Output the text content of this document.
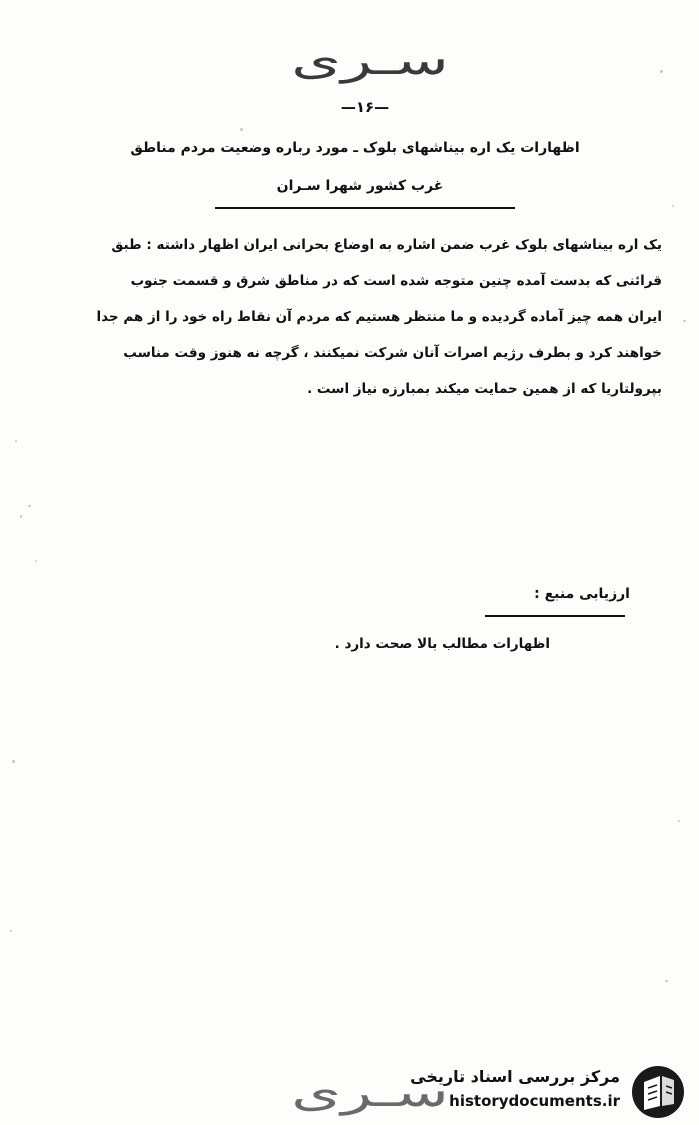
سـری
—۱۶—
اظهارات یک اره بیناشهای بلوک ـ مورد رباره وضعیت مردم مناطق
غرب کشور شهرا سـران

یک اره بیناشهای بلوک غرب ضمن اشاره به اوضاع بحرانی ایران اظهار داشته : طبق

قرائنی که بدست آمده چنین متوجه شده است که در مناطق شرق و قسمت جنوب

ایران همه چیز آماده گردیده و ما منتظر هستیم که مردم آن نقاط راه خود را از هم جدا

خواهند کرد و بطرف رژیم اصرات آنان شرکت نمیکنند ، گرچه نه هنوز وقت مناسب

بپرولتاریا که از همین حمایت میکند بمبارزه نیاز است .

ارزیابی منبع :
اظهارات مطالب بالا صحت دارد .
سـری
مرکز بررسی اسناد تاریخی
historydocuments.ir
